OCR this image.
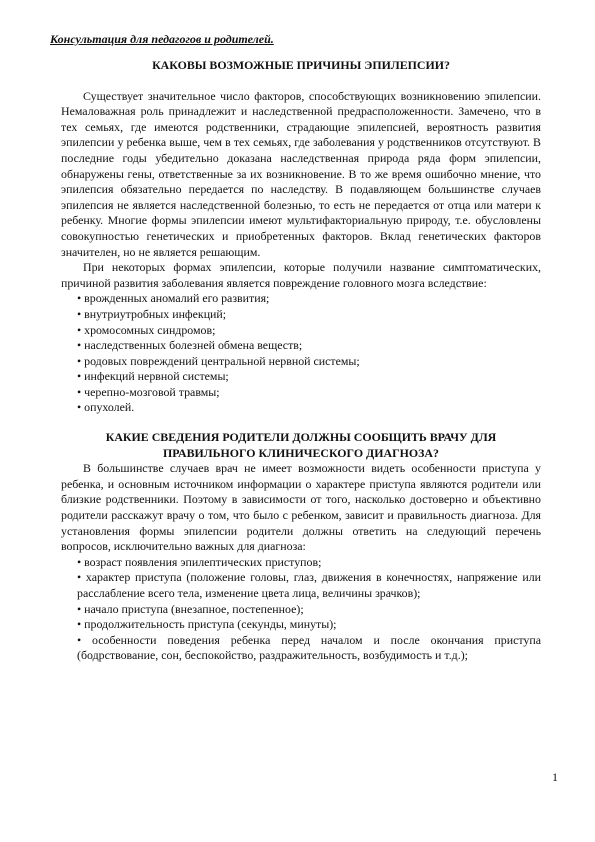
Консультация для педагогов и родителей.
КАКОВЫ ВОЗМОЖНЫЕ ПРИЧИНЫ ЭПИЛЕПСИИ?

Существует значительное число факторов, способствующих возникновению эпилепсии. Немаловажная роль принадлежит и наследственной предрасположенности. Замечено, что в тех семьях, где имеются родственники, страдающие эпилепсией, вероятность развития эпилепсии у ребенка выше, чем в тех семьях, где заболевания у родственников отсутствуют. В последние годы убедительно доказана наследственная природа ряда форм эпилепсии, обнаружены гены, ответственные за их возникновение. В то же время ошибочно мнение, что эпилепсия обязательно передается по наследству. В подавляющем большинстве случаев эпилепсия не является наследственной болезнью, то есть не передается от отца или матери к ребенку. Многие формы эпилепсии имеют мультифакториальную природу, т.е. обусловлены совокупностью генетических и приобретенных факторов. Вклад генетических факторов значителен, но не является решающим.

При некоторых формах эпилепсии, которые получили название симптоматических, причиной развития заболевания является повреждение головного мозга вследствие:

• врожденных аномалий его развития;
• внутриутробных инфекций;
• хромосомных синдромов;
• наследственных болезней обмена веществ;
• родовых повреждений центральной нервной системы;
• инфекций нервной системы;
• черепно-мозговой травмы;
• опухолей.
КАКИЕ СВЕДЕНИЯ РОДИТЕЛИ ДОЛЖНЫ СООБЩИТЬ ВРАЧУ ДЛЯ ПРАВИЛЬНОГО КЛИНИЧЕСКОГО ДИАГНОЗА?

В большинстве случаев врач не имеет возможности видеть особенности приступа у ребенка, и основным источником информации о характере приступа являются родители или близкие родственники. Поэтому в зависимости от того, насколько достоверно и объективно родители расскажут врачу о том, что было с ребенком, зависит и правильность диагноза. Для установления формы эпилепсии родители должны ответить на следующий перечень вопросов, исключительно важных для диагноза:

• возраст появления эпилептических приступов;
• характер приступа (положение головы, глаз, движения в конечностях, напряжение или расслабление всего тела, изменение цвета лица, величины зрачков);
• начало приступа (внезапное, постепенное);
• продолжительность приступа (секунды, минуты);
• особенности поведения ребенка перед началом и после окончания приступа (бодрствование, сон, беспокойство, раздражительность, возбудимость и т.д.);
1
